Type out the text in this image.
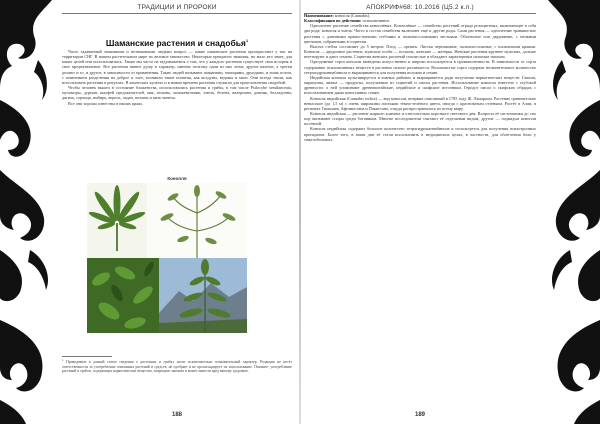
ТРАДИЦИИ И ПРОРОКИ
Шаманские растения и снадобья$^1$

Часто задаваемый знакомыми и незнакомыми людьми вопрос — какие шаманские растения произрастают у нас на территории СНГ. В нашем растительном мире их великое множество. Некоторые прекрасно знакомы, но мало кто знает, для каких целей они использовались. Также мы часто не задумываемся о том, что у каждого растения существует своя история и свое предназначение. Все растения имеют душу и характер, именно поэтому одни из них лечат, другие калечат, а третьи делают и то, и другое, в зависимости от применения. Таких людей называют шаманами, знахарями, друидами, и лишь потом, с появлением разделения на доброе и злое, возникли такие понятия, как колдуны, ведьмы и маги. Они всегда знали, как использовать растения в ритуалах. В языческих культах и в новые времена растения служили для приготовления снадобий.

Чтобы человек вышел в состояние блаженства, использовались растения и грибы, в том числе Psilocybe semilanceata, мухоморы, дурман, шалфей предсказателей, мак, полынь, можжевельник, хмель, белена, валериана, донник, белладонна, дягиль, горчица, имбирь, вереск, ладан, полынь и мать-мачеха.

Все они хорошо известны в наших краях.

Конопля
$^1$ Приводимые в данной статье сведения о растениях и грибах носят исключительно познавательный характер. Редакция не несёт ответственности за употребление описанных растений и средств, не одобряет и не пропагандирует их использование. Помните: употребление растений и грибов, содержащих наркотические вещества, запрещено законом и может нанести вред вашему здоровью.
188
АПОКРИФ#68: 10.2016 (Ц5.2 к.п.)

Наименование: конопля (Cannabis).

Классификация по действию: психоактивное.

Однолетнее растение семейства коноплёвых. Коноплёвые — семейство растений отряда розоцветных, включающее в себя два рода: конопля и хмель. Часто в состав семейства включают ещё и другие роды. Сами растения — однолетние травянистые растения с длинными прямостоячими стеблями и пальчатосложными листьями. Обоеполые или двудомные, с мелкими цветками, собранными в соцветия.

Высота стебля составляет до 5 метров. Плод — орешек. Листья черешковые, пальчатосложные, с пильчатыми краями. Конопля — двудомное растение, мужские особи — посконь, женские — матёрка. Женские растения крупнее мужских, дольше вегетируют и дают семена. Соцветия женских растений смолистые и обладают характерным сильным запахом.

Однодомные сорта конопли выведены искусственно и широко используются в промышленности. В зависимости от сорта содержание психоактивных веществ в растении сильно различается. Волокнистые сорта содержат незначительное количество тетрагидроканнабинола и выращиваются для получения волокна и семян.

Индийская конопля культивируется в южных районах и выращивается ради получения наркотических веществ. Гашиш, марихуана, анаша — продукты, получаемые из соцветий и смолы растения. Использование конопли известно с глубокой древности: о ней упоминают древнекитайские, индийские и скифские источники. Геродот писал о скифских обрядах с использованием дыма конопляных семян.

Конопля индийская (Cannabis indica) — вид конопли, впервые описанный в 1785 году Ж. Ламарком. Растение сравнительно невысокое (до 1,5 м) с очень широкими листьями тёмно-зелёного цвета, иногда с красноватым оттенком. Растёт в Азии, в регионах Гималаев, Афганистана и Пакистана, откуда распространилась по всему миру.

Конопля индийская — растение жаркого климата и относительно короткого светового дня. Вопросы её систематики до сих пор вызывают споры среди ботаников. Многие исследователи считают её отдельным видом, другие — подвидом конопли посевной.

Конопля индийская содержит большое количество тетрагидроканнабинола и используется для получения психотропных препаратов. Более того, в наши дни её стали использовать в медицинских целях, в частности, для облегчения боли у тяжелобольных.

189
